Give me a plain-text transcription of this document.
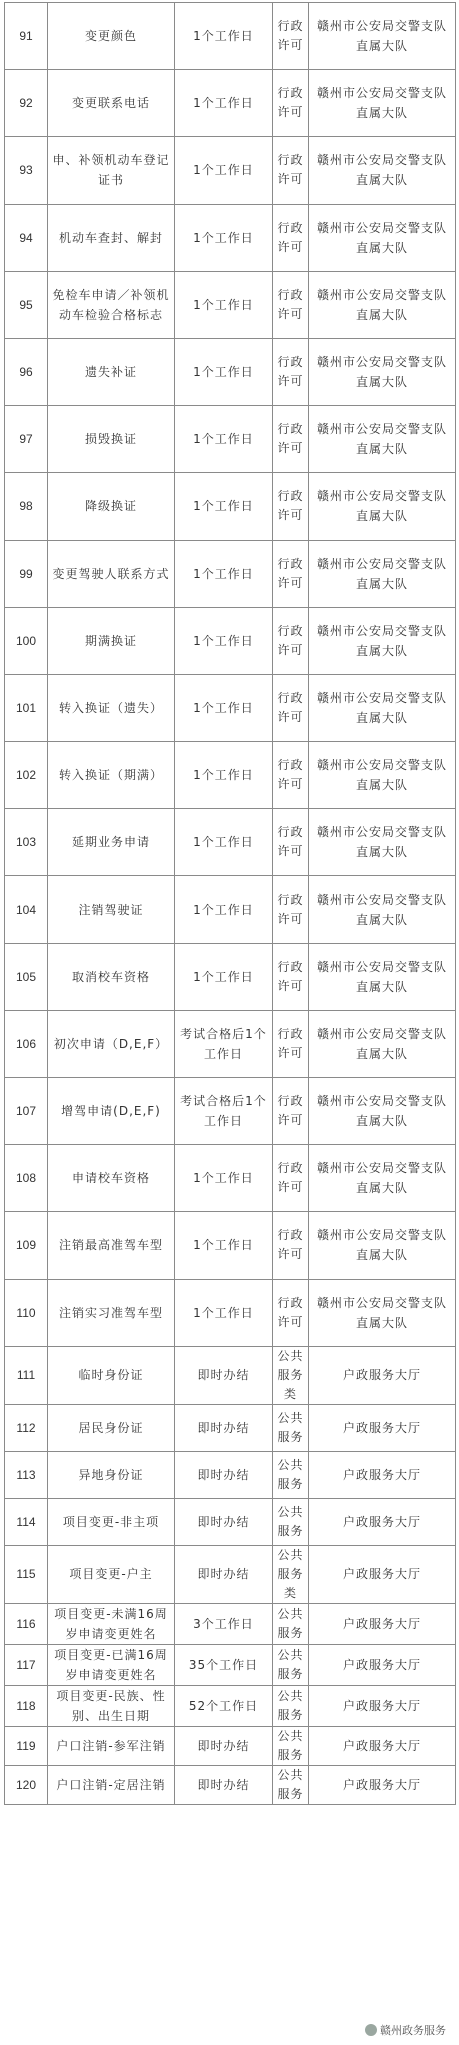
91	变更颜色	1个工作日	行政许可	赣州市公安局交警支队直属大队
92	变更联系电话	1个工作日	行政许可	赣州市公安局交警支队直属大队
93	申、补领机动车登记证书	1个工作日	行政许可	赣州市公安局交警支队直属大队
94	机动车查封、解封	1个工作日	行政许可	赣州市公安局交警支队直属大队
95	免检车申请／补领机动车检验合格标志	1个工作日	行政许可	赣州市公安局交警支队直属大队
96	遗失补证	1个工作日	行政许可	赣州市公安局交警支队直属大队
97	损毁换证	1个工作日	行政许可	赣州市公安局交警支队直属大队
98	降级换证	1个工作日	行政许可	赣州市公安局交警支队直属大队
99	变更驾驶人联系方式	1个工作日	行政许可	赣州市公安局交警支队直属大队
100	期满换证	1个工作日	行政许可	赣州市公安局交警支队直属大队
101	转入换证（遗失）	1个工作日	行政许可	赣州市公安局交警支队直属大队
102	转入换证（期满）	1个工作日	行政许可	赣州市公安局交警支队直属大队
103	延期业务申请	1个工作日	行政许可	赣州市公安局交警支队直属大队
104	注销驾驶证	1个工作日	行政许可	赣州市公安局交警支队直属大队
105	取消校车资格	1个工作日	行政许可	赣州市公安局交警支队直属大队
106	初次申请（D,E,F）	考试合格后1个工作日	行政许可	赣州市公安局交警支队直属大队
107	增驾申请(D,E,F)	考试合格后1个工作日	行政许可	赣州市公安局交警支队直属大队
108	申请校车资格	1个工作日	行政许可	赣州市公安局交警支队直属大队
109	注销最高准驾车型	1个工作日	行政许可	赣州市公安局交警支队直属大队
110	注销实习准驾车型	1个工作日	行政许可	赣州市公安局交警支队直属大队
111	临时身份证	即时办结	公共服务类	户政服务大厅
112	居民身份证	即时办结	公共服务	户政服务大厅
113	异地身份证	即时办结	公共服务	户政服务大厅
114	项目变更-非主项	即时办结	公共服务	户政服务大厅
115	项目变更-户主	即时办结	公共服务类	户政服务大厅
116	项目变更-未满16周岁申请变更姓名	3个工作日	公共服务	户政服务大厅
117	项目变更-已满16周岁申请变更姓名	35个工作日	公共服务	户政服务大厅
118	项目变更-民族、性别、出生日期	52个工作日	公共服务	户政服务大厅
119	户口注销-参军注销	即时办结	公共服务	户政服务大厅
120	户口注销-定居注销	即时办结	公共服务	户政服务大厅
赣州政务服务
